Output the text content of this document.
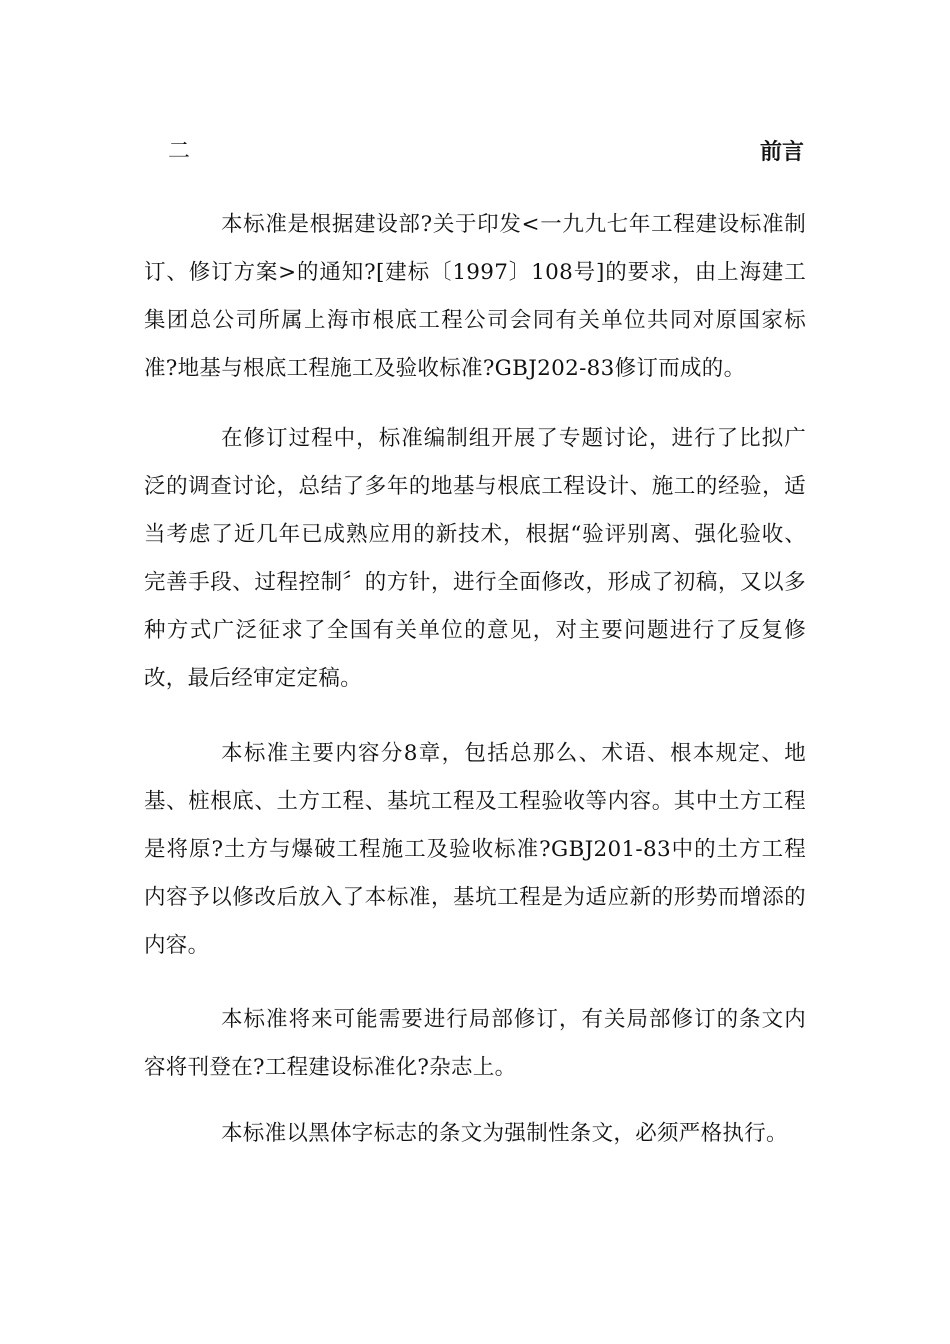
二	前言

本标准是根据建设部?关于印发<一九九七年工程建设标准制订、修订方案>的通知?[建标〔1997〕108号]的要求，由上海建工集团总公司所属上海市根底工程公司会同有关单位共同对原国家标准?地基与根底工程施工及验收标准?GBJ202-83修订而成的。

在修订过程中，标准编制组开展了专题讨论，进行了比拟广泛的调查讨论，总结了多年的地基与根底工程设计、施工的经验，适当考虑了近几年已成熟应用的新技术，根据“验评别离、强化验收、完善手段、过程控制〞的方针，进行全面修改，形成了初稿，又以多种方式广泛征求了全国有关单位的意见，对主要问题进行了反复修改，最后经审定定稿。

本标准主要内容分8章，包括总那么、术语、根本规定、地基、桩根底、土方工程、基坑工程及工程验收等内容。其中土方工程是将原?土方与爆破工程施工及验收标准?GBJ201-83中的土方工程内容予以修改后放入了本标准，基坑工程是为适应新的形势而增添的内容。

本标准将来可能需要进行局部修订，有关局部修订的条文内容将刊登在?工程建设标准化?杂志上。

本标准以黑体字标志的条文为强制性条文，必须严格执行。
